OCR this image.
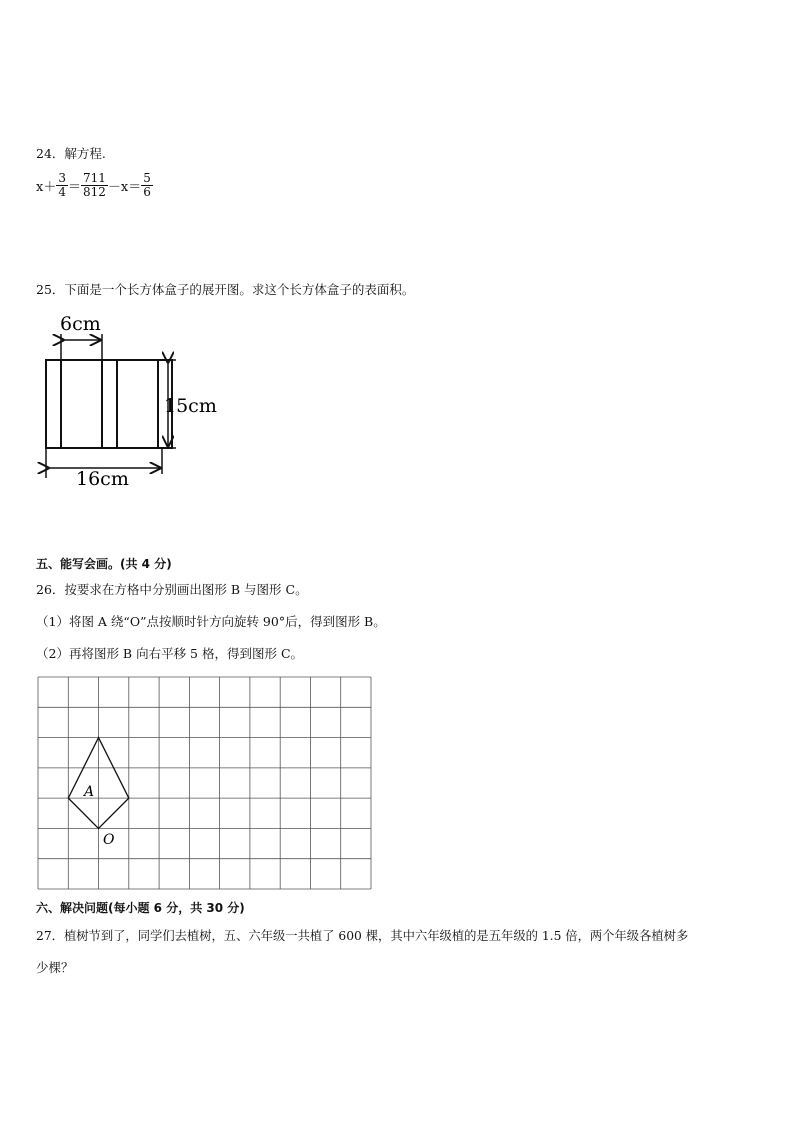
24．解方程.
$x+ \frac{3}{4} = \frac{711}{812} -x= \frac{5}{6}$
25．下面是一个长方体盒子的展开图。求这个长方体盒子的表面积。
6cm
15cm
16cm
五、能写会画。(共 4 分)
26．按要求在方格中分别画出图形 B 与图形 C。
（1）将图 A 绕“O”点按顺时针方向旋转 90°后，得到图形 B。
（2）再将图形 B 向右平移 5 格，得到图形 C。
A
O
六、解决问题(每小题 6 分，共 30 分)
27．植树节到了，同学们去植树，五、六年级一共植了 600 棵，其中六年级植的是五年级的 1.5 倍，两个年级各植树多
少棵？
